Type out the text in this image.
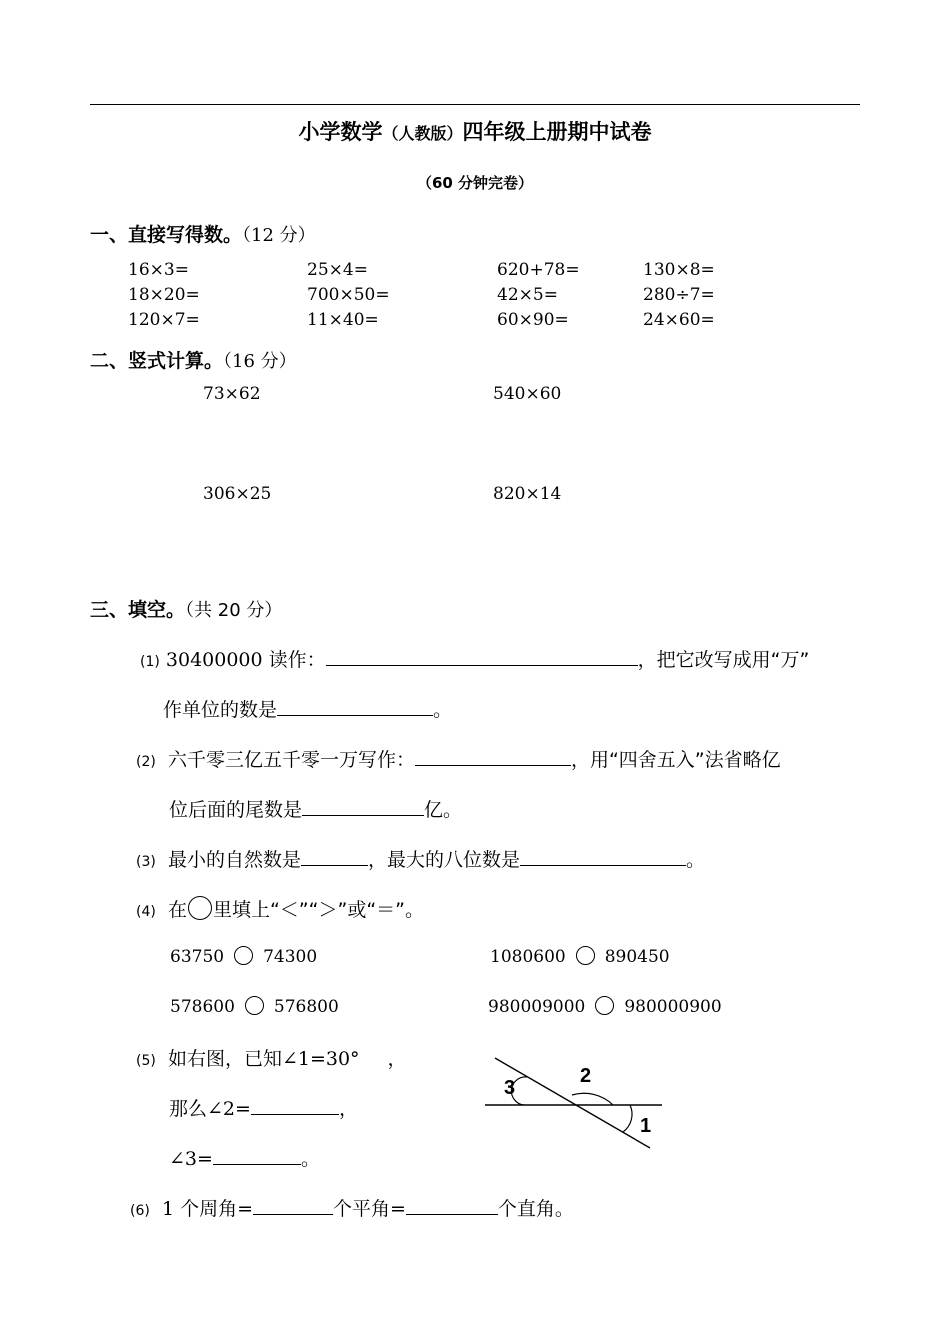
小学数学（人教版）四年级上册期中试卷
（60 分钟完卷）
一、直接写得数。（12 分）
16×3=	25×4=	620+78=	130×8=
18×20=	700×50=	42×5=	280÷7=
120×7=	11×40=	60×90=	24×60=
二、竖式计算。（16 分）
73×62	540×60
306×25	820×14
三、填空。（共 20 分）
(1) 30400000 读作：	，把它改写成用“万”
作单位的数是	。
(2) 六千零三亿五千零一万写作：	，用“四舍五入”法省略亿
位后面的尾数是	亿。
(3) 最小的自然数是	，最大的八位数是	。
(4) 在 里填上“＜”“＞”或“＝”。
63750 74300	1080600 890450
578600 576800	980009000 980000900
(5) 如右图，已知∠1=30° ，
那么∠2=	，
∠3=	。
3
2
1
(6) 1 个周角=	个平角=	个直角。
